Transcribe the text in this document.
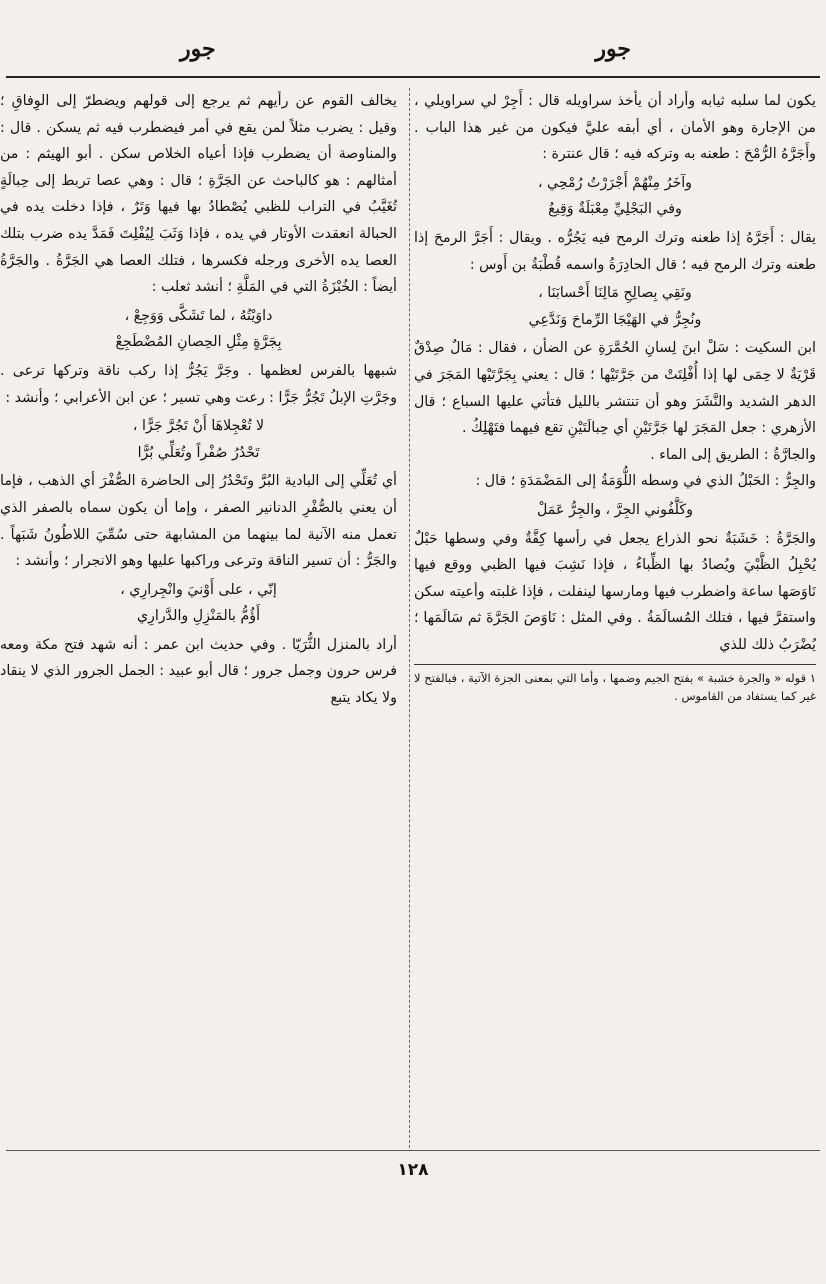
جور
جور

يكون لما سلبه ثيابه وأراد أن يأخذ سراويله قال : أَجِرْ لي سراويلي ، من الإجارة وهو الأمان ، أي أبقه عليَّ فيكون من غير هذا الباب . وأَجَرَّهُ الرُّمْحَ : طعنه به وتركه فيه ؛ قال عنترة :

وآخَرُ مِنْهُمْ أَجْرَرْتُ رُمْحِي ،
وفي البَجْلِيِّ مِعْبَلَةٌ وَقِيعُ

يقال : أَجَرَّهُ إذا طعنه وترك الرمح فيه يَجُرُّه . ويقال : أَجَرَّ الرمحَ إذا طعنه وترك الرمح فيه ؛ قال الحادِرَةُ واسمه قُطْبَةُ بن أَوس :

ونَقِي بِصالِحِ مَالِنَا أَحْسابَنَا ،
ونُجِرُّ في الهَيْجَا الرِّماحَ وَنَدَّعِي

ابن السكيت : سَلْ ابنَ لِسانِ الحُمَّرَةِ عن الضأن ، فقال : مَالٌ صِدْقٌ قَرْيَةٌ لا حِمَى لها إذا أُفْلِتَتْ من جَرَّتَيْها ؛ قال : يعني بِجَرَّتَيْها المَجَرَ في الدهر الشديد والنَّشَرَ وهو أن تنتشر بالليل فتأتي عليها السباع ؛ قال الأزهري : جعل المَجَرَ لها جَرَّتَيْنِ أي حِبالَتَيْنِ تقع فيهما فتَهْلِكُ .

والجارَّةُ : الطريق إلى الماء .

والجِرُّ : الحَبْلُ الذي في وسطه اللُّوَمَةُ إلى المَضْمَدَةِ ؛ قال :

وكَلَّفُوني الجِرَّ ، والجِرُّ عَمَلْ

والجَرَّةُ : خَشَبَةٌ نحو الذراع يجعل في رأسها كِفَّةٌ وفي وسطها حَبْلٌ يُحْبِلُ الظَّبْيَ ويُصادُ بها الظِّباءُ ، فإذا نَشِبَ فيها الظبي ووقع فيها نَاوَصَها ساعة واضطرب فيها ومارسها لينفلت ، فإذا غلبته وأعيته سكن واستقرَّ فيها ، فتلك المُسالَمَةُ . وفي المثل : نَاوَصَ الجَرَّةَ ثم سَالَمَها ؛ يُضْرَبُ ذلك للذي

١ قوله « والجرة خشبة » بفتح الجيم وضمها ، وأما التي بمعنى الجزة الآتية ، فبالفتح لا غير كما يستفاد من القاموس .

يخالف القوم عن رأيهم ثم يرجع إلى قولهم ويضطرّ إلى الوِفاقِ ؛ وقيل : يضرب مثلاً لمن يقع في أمر فيضطرب فيه ثم يسكن . قال : والمناوصة أن يضطرب فإذا أعياه الخلاص سكن . أبو الهيثم : من أمثالهم : هو كالباحث عن الجَرَّةِ ؛ قال : وهي عصا تربط إلى حِبالَةٍ تُغَيَّبُ في التراب للظبي يُصْطادُ بها فيها وَتَرٌ ، فإذا دخلت يده في الحبالة انعقدت الأوتار في يده ، فإذا وَثَبَ لِيُفْلِتَ فَمَدَّ يده ضرب بتلك العصا يده الأخرى ورجله فكسرها ، فتلك العصا هي الجَرَّةُ . والجَرَّةُ أيضاً : الخُبْزَةُ التي في المَلَّةِ ؛ أنشد ثعلب :

داوَيْتُهُ ، لما تَشَكَّى وَوَجِعْ ،
بِجَرَّةٍ مِثْلِ الحِصانِ المُضْطَجِعْ

شبهها بالفرس لعظمها . وجَرَّ يَجُرُّ إذا ركب ناقة وتركها ترعى . وجَرَّتِ الإبلُ تَجُرُّ جَرًّا : رعت وهي تسير ؛ عن ابن الأعرابي ؛ وأنشد :

لا تُعْجِلاهَا أَنْ تَجُرَّ جَرًّا ،
تَحْدُرُ صُفْراً وتُعَلِّي بُرًّا

أي تُعَلِّي إلى البادية البُرَّ وتَحْدُرُ إلى الحاضرة الصُّفْرَ أي الذهب ، فإما أن يعني بالصُّفْرِ الدنانير الصفر ، وإما أن يكون سماه بالصفر الذي تعمل منه الآنية لما بينهما من المشابهة حتى سُمِّيَ اللاطُونُ شَبَهاً . والجَرُّ : أن تسير الناقة وترعى وراكبها عليها وهو الانجرار ؛ وأنشد :

إنّي ، على أَوْنيَ وانْجِرارِي ،
أَؤُمُّ بالمَنْزِلِ والدَّرارِي

أراد بالمنزل الثُّرَيّا . وفي حديث ابن عمر : أنه شهد فتح مكة ومعه فرس حرون وجمل جرور ؛ قال أبو عبيد : الجمل الجرور الذي لا ينقاد ولا يكاد يتبع

١٢٨
